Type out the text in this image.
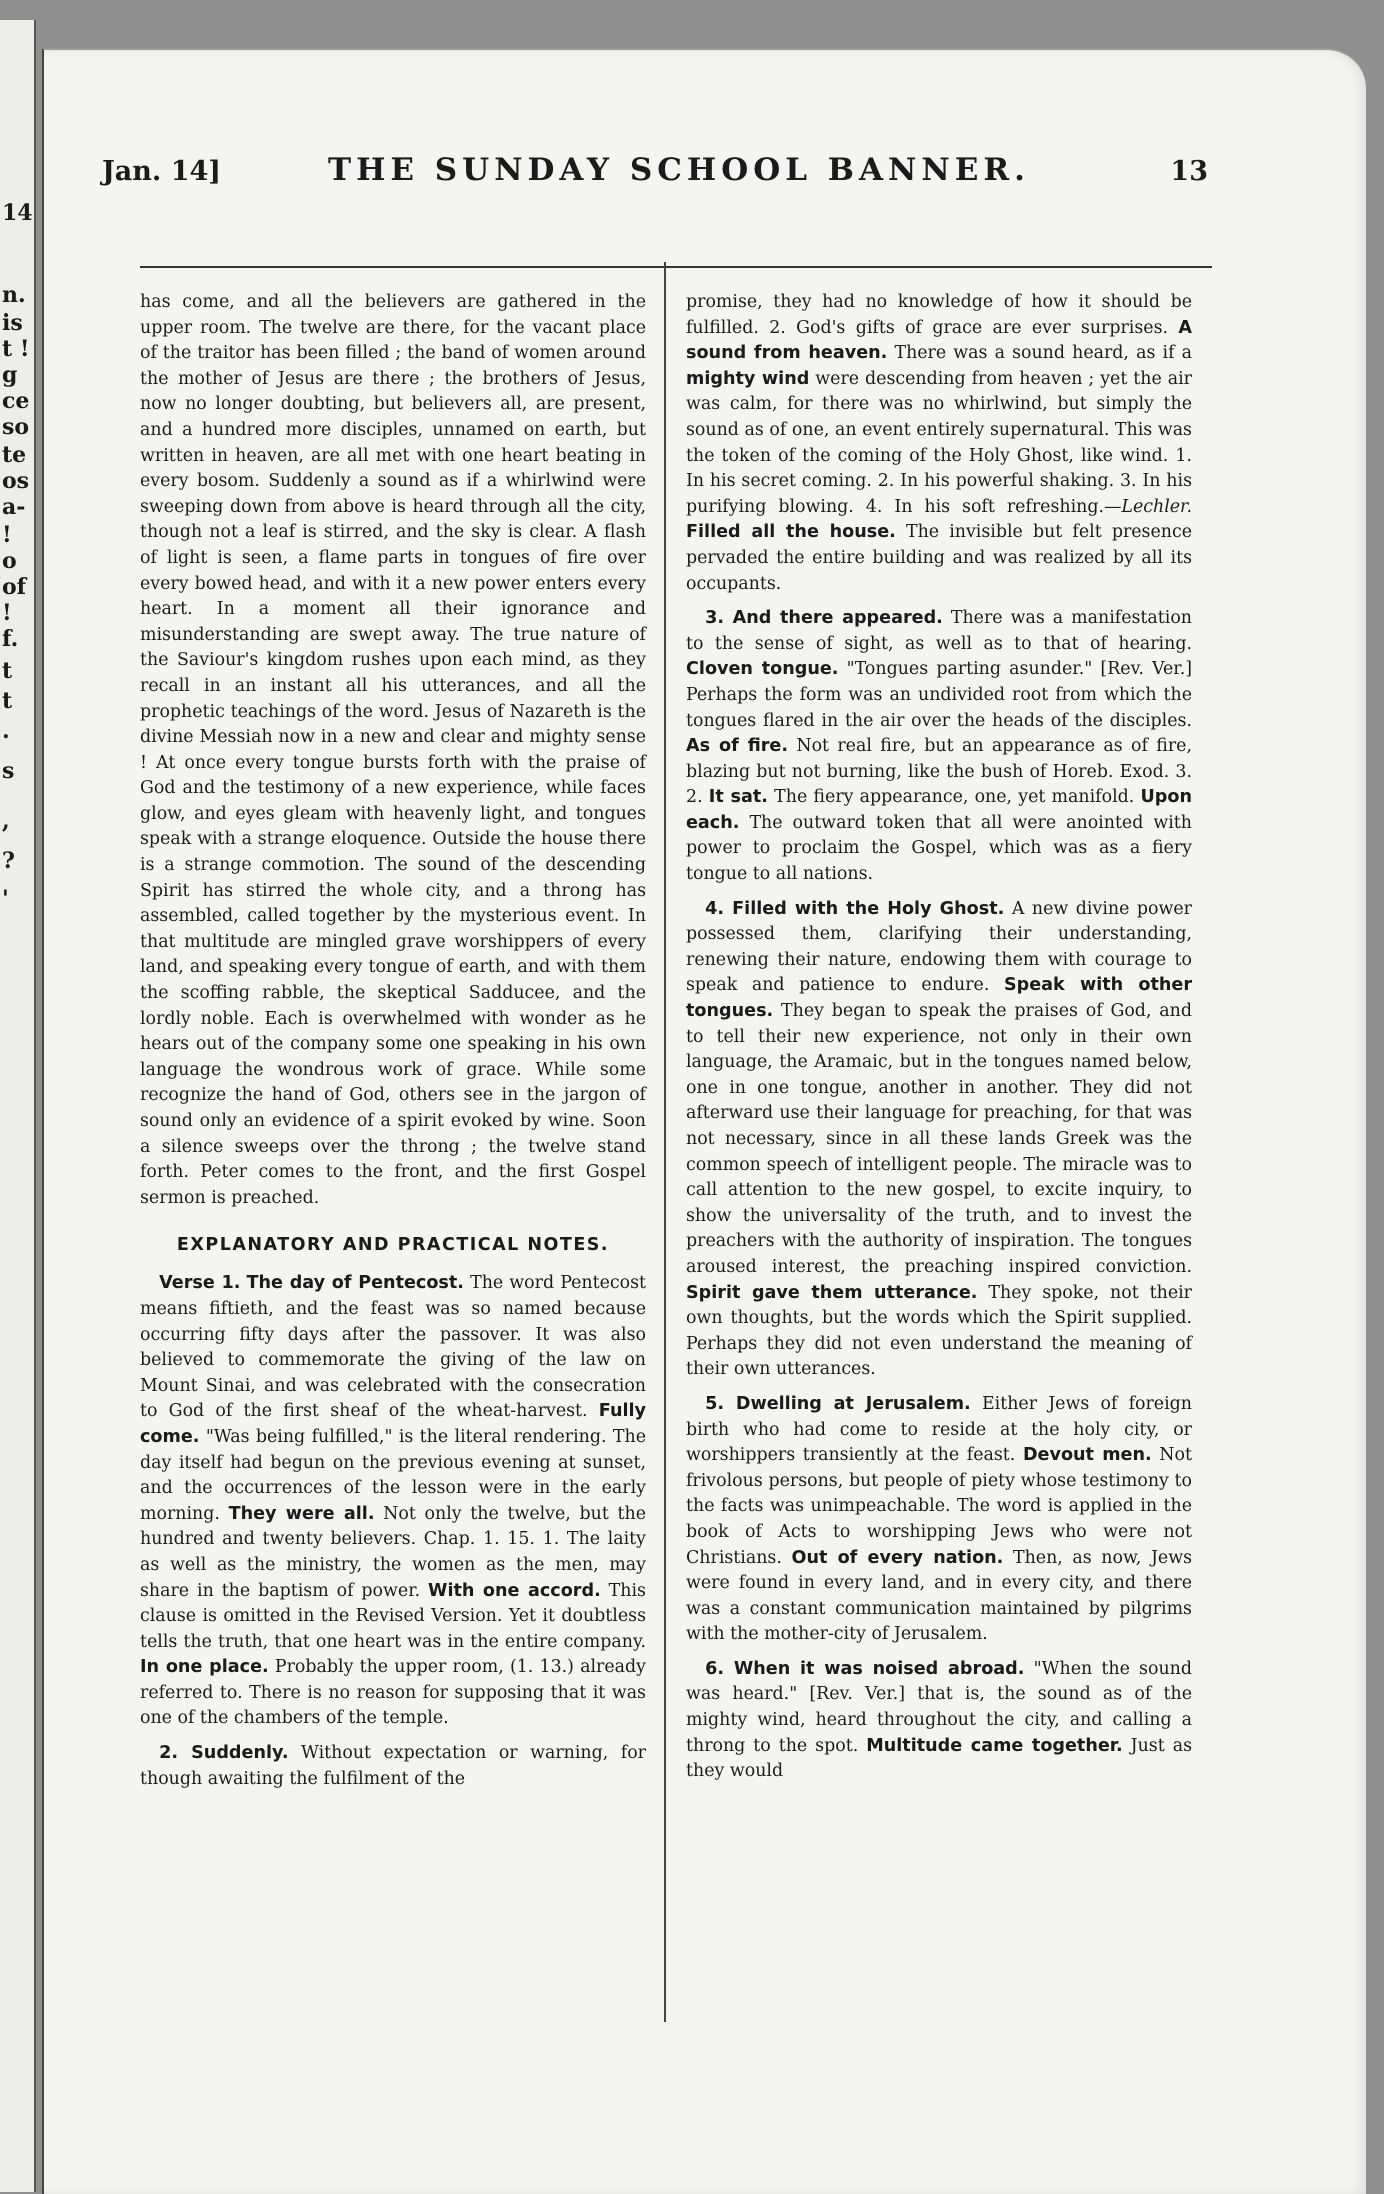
14
n.
is
t !
g
ce
so
te
os
a-
!
o
of
!
f.
t
t
.
s
,
?
'
Jan. 14]	THE SUNDAY SCHOOL BANNER.	13

has come, and all the believers are gathered in the upper room. The twelve are there, for the vacant place of the traitor has been filled ; the band of women around the mother of Jesus are there ; the brothers of Jesus, now no longer doubting, but believers all, are present, and a hundred more disciples, unnamed on earth, but written in heaven, are all met with one heart beating in every bosom. Suddenly a sound as if a whirlwind were sweeping down from above is heard through all the city, though not a leaf is stirred, and the sky is clear. A flash of light is seen, a flame parts in tongues of fire over every bowed head, and with it a new power enters every heart. In a moment all their ignorance and misunderstanding are swept away. The true nature of the Saviour's kingdom rushes upon each mind, as they recall in an instant all his utterances, and all the prophetic teachings of the word. Jesus of Nazareth is the divine Messiah now in a new and clear and mighty sense ! At once every tongue bursts forth with the praise of God and the testimony of a new experience, while faces glow, and eyes gleam with heavenly light, and tongues speak with a strange eloquence. Outside the house there is a strange commotion. The sound of the descending Spirit has stirred the whole city, and a throng has assembled, called together by the mysterious event. In that multitude are mingled grave worshippers of every land, and speaking every tongue of earth, and with them the scoffing rabble, the skeptical Sadducee, and the lordly noble. Each is overwhelmed with wonder as he hears out of the company some one speaking in his own language the wondrous work of grace. While some recognize the hand of God, others see in the jargon of sound only an evidence of a spirit evoked by wine. Soon a silence sweeps over the throng ; the twelve stand forth. Peter comes to the front, and the first Gospel sermon is preached.

EXPLANATORY AND PRACTICAL NOTES.

Verse 1. The day of Pentecost. The word Pentecost means fiftieth, and the feast was so named because occurring fifty days after the passover. It was also believed to commemorate the giving of the law on Mount Sinai, and was celebrated with the consecration to God of the first sheaf of the wheat-harvest. Fully come. "Was being fulfilled," is the literal rendering. The day itself had begun on the previous evening at sunset, and the occurrences of the lesson were in the early morning. They were all. Not only the twelve, but the hundred and twenty believers. Chap. 1. 15. 1. The laity as well as the ministry, the women as the men, may share in the baptism of power. With one accord. This clause is omitted in the Revised Version. Yet it doubtless tells the truth, that one heart was in the entire company. In one place. Probably the upper room, (1. 13.) already referred to. There is no reason for supposing that it was one of the chambers of the temple.

2. Suddenly. Without expectation or warning, for though awaiting the fulfilment of the

promise, they had no knowledge of how it should be fulfilled. 2. God's gifts of grace are ever surprises. A sound from heaven. There was a sound heard, as if a mighty wind were descending from heaven ; yet the air was calm, for there was no whirlwind, but simply the sound as of one, an event entirely supernatural. This was the token of the coming of the Holy Ghost, like wind. 1. In his secret coming. 2. In his powerful shaking. 3. In his purifying blowing. 4. In his soft refreshing.—Lechler. Filled all the house. The invisible but felt presence pervaded the entire building and was realized by all its occupants.

3. And there appeared. There was a manifestation to the sense of sight, as well as to that of hearing. Cloven tongue. "Tongues parting asunder." [Rev. Ver.] Perhaps the form was an undivided root from which the tongues flared in the air over the heads of the disciples. As of fire. Not real fire, but an appearance as of fire, blazing but not burning, like the bush of Horeb. Exod. 3. 2. It sat. The fiery appearance, one, yet manifold. Upon each. The outward token that all were anointed with power to proclaim the Gospel, which was as a fiery tongue to all nations.

4. Filled with the Holy Ghost. A new divine power possessed them, clarifying their understanding, renewing their nature, endowing them with courage to speak and patience to endure. Speak with other tongues. They began to speak the praises of God, and to tell their new experience, not only in their own language, the Aramaic, but in the tongues named below, one in one tongue, another in another. They did not afterward use their language for preaching, for that was not necessary, since in all these lands Greek was the common speech of intelligent people. The miracle was to call attention to the new gospel, to excite inquiry, to show the universality of the truth, and to invest the preachers with the authority of inspiration. The tongues aroused interest, the preaching inspired conviction. Spirit gave them utterance. They spoke, not their own thoughts, but the words which the Spirit supplied. Perhaps they did not even understand the meaning of their own utterances.

5. Dwelling at Jerusalem. Either Jews of foreign birth who had come to reside at the holy city, or worshippers transiently at the feast. Devout men. Not frivolous persons, but people of piety whose testimony to the facts was unimpeachable. The word is applied in the book of Acts to worshipping Jews who were not Christians. Out of every nation. Then, as now, Jews were found in every land, and in every city, and there was a constant communication maintained by pilgrims with the mother-city of Jerusalem.

6. When it was noised abroad. "When the sound was heard." [Rev. Ver.] that is, the sound as of the mighty wind, heard throughout the city, and calling a throng to the spot. Multitude came together. Just as they would
